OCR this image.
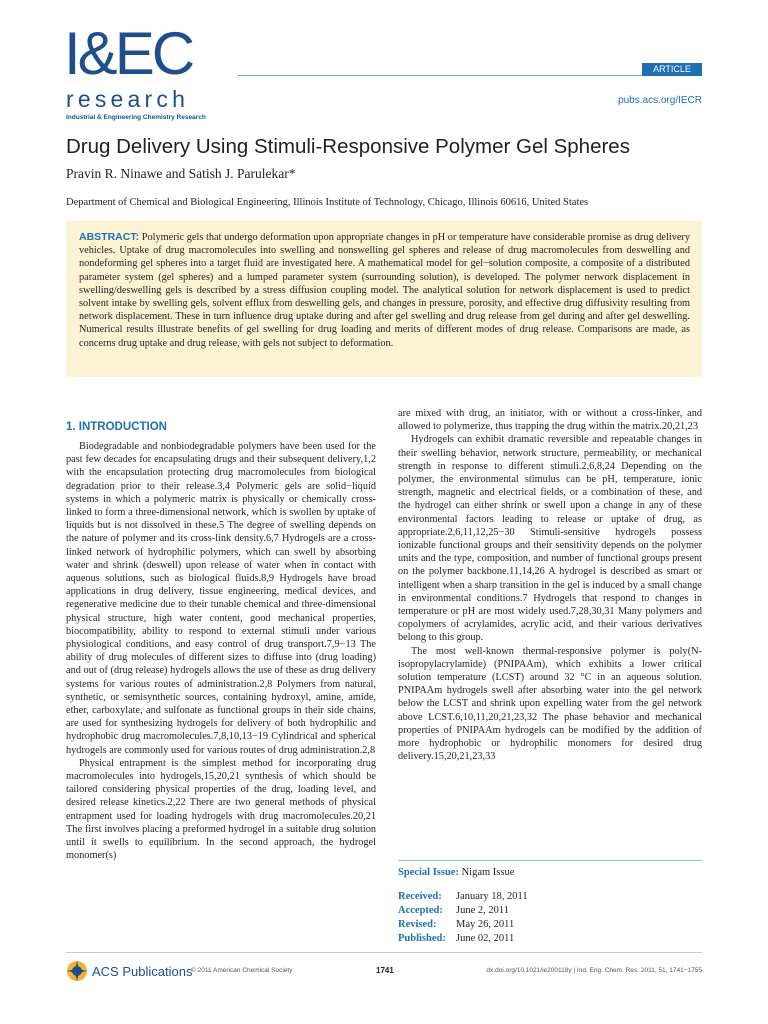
I&EC
research
Industrial & Engineering Chemistry Research
ARTICLE
pubs.acs.org/IECR
Drug Delivery Using Stimuli-Responsive Polymer Gel Spheres
Pravin R. Ninawe and Satish J. Parulekar*
Department of Chemical and Biological Engineering, Illinois Institute of Technology, Chicago, Illinois 60616, United States
ABSTRACT: Polymeric gels that undergo deformation upon appropriate changes in pH or temperature have considerable promise as drug delivery vehicles. Uptake of drug macromolecules into swelling and nonswelling gel spheres and release of drug macromolecules from deswelling and nondeforming gel spheres into a target fluid are investigated here. A mathematical model for gel−solution composite, a composite of a distributed parameter system (gel spheres) and a lumped parameter system (surrounding solution), is developed. The polymer network displacement in swelling/deswelling gels is described by a stress diffusion coupling model. The analytical solution for network displacement is used to predict solvent intake by swelling gels, solvent efflux from deswelling gels, and changes in pressure, porosity, and effective drug diffusivity resulting from network displacement. These in turn influence drug uptake during and after gel swelling and drug release from gel during and after gel deswelling. Numerical results illustrate benefits of gel swelling for drug loading and merits of different modes of drug release. Comparisons are made, as concerns drug uptake and drug release, with gels not subject to deformation.
1. INTRODUCTION

Biodegradable and nonbiodegradable polymers have been used for the past few decades for encapsulating drugs and their subsequent delivery,1,2 with the encapsulation protecting drug macromolecules from biological degradation prior to their release.3,4 Polymeric gels are solid−liquid systems in which a polymeric matrix is physically or chemically cross-linked to form a three-dimensional network, which is swollen by uptake of liquids but is not dissolved in these.5 The degree of swelling depends on the nature of polymer and its cross-link density.6,7 Hydrogels are a cross-linked network of hydrophilic polymers, which can swell by absorbing water and shrink (deswell) upon release of water when in contact with aqueous solutions, such as biological fluids.8,9 Hydrogels have broad applications in drug delivery, tissue engineering, medical devices, and regenerative medicine due to their tunable chemical and three-dimensional physical structure, high water content, good mechanical properties, biocompatibility, ability to respond to external stimuli under various physiological conditions, and easy control of drug transport.7,9−13 The ability of drug molecules of different sizes to diffuse into (drug loading) and out of (drug release) hydrogels allows the use of these as drug delivery systems for various routes of administration.2,8 Polymers from natural, synthetic, or semisynthetic sources, containing hydroxyl, amine, amide, ether, carboxylate, and sulfonate as functional groups in their side chains, are used for synthesizing hydrogels for delivery of both hydrophilic and hydrophobic drug macromolecules.7,8,10,13−19 Cylindrical and spherical hydrogels are commonly used for various routes of drug administration.2,8

Physical entrapment is the simplest method for incorporating drug macromolecules into hydrogels,15,20,21 synthesis of which should be tailored considering physical properties of the drug, loading level, and desired release kinetics.2,22 There are two general methods of physical entrapment used for loading hydrogels with drug macromolecules.20,21 The first involves placing a preformed hydrogel in a suitable drug solution until it swells to equilibrium. In the second approach, the hydrogel monomer(s)

are mixed with drug, an initiator, with or without a cross-linker, and allowed to polymerize, thus trapping the drug within the matrix.20,21,23

Hydrogels can exhibit dramatic reversible and repeatable changes in their swelling behavior, network structure, permeability, or mechanical strength in response to different stimuli.2,6,8,24 Depending on the polymer, the environmental stimulus can be pH, temperature, ionic strength, magnetic and electrical fields, or a combination of these, and the hydrogel can either shrink or swell upon a change in any of these environmental factors leading to release or uptake of drug, as appropriate.2,6,11,12,25−30 Stimuli-sensitive hydrogels possess ionizable functional groups and their sensitivity depends on the polymer units and the type, composition, and number of functional groups present on the polymer backbone.11,14,26 A hydrogel is described as smart or intelligent when a sharp transition in the gel is induced by a small change in environmental conditions.7 Hydrogels that respond to changes in temperature or pH are most widely used.7,28,30,31 Many polymers and copolymers of acrylamides, acrylic acid, and their various derivatives belong to this group.

The most well-known thermal-responsive polymer is poly(N-isopropylacrylamide) (PNIPAAm), which exhibits a lower critical solution temperature (LCST) around 32 °C in an aqueous solution. PNIPAAm hydrogels swell after absorbing water into the gel network below the LCST and shrink upon expelling water from the gel network above LCST.6,10,11,20,21,23,32 The phase behavior and mechanical properties of PNIPAAm hydrogels can be modified by the addition of more hydrophobic or hydrophilic monomers for desired drug delivery.15,20,21,23,33

Special Issue: Nigam Issue
Received:	January 18, 2011
Accepted:	June 2, 2011
Revised:	May 26, 2011
Published: June 02, 2011
ACS Publications
© 2011 American Chemical Society	1741	dx.doi.org/10.1021/ie200118y | Ind. Eng. Chem. Res. 2011, 51, 1741−1755
